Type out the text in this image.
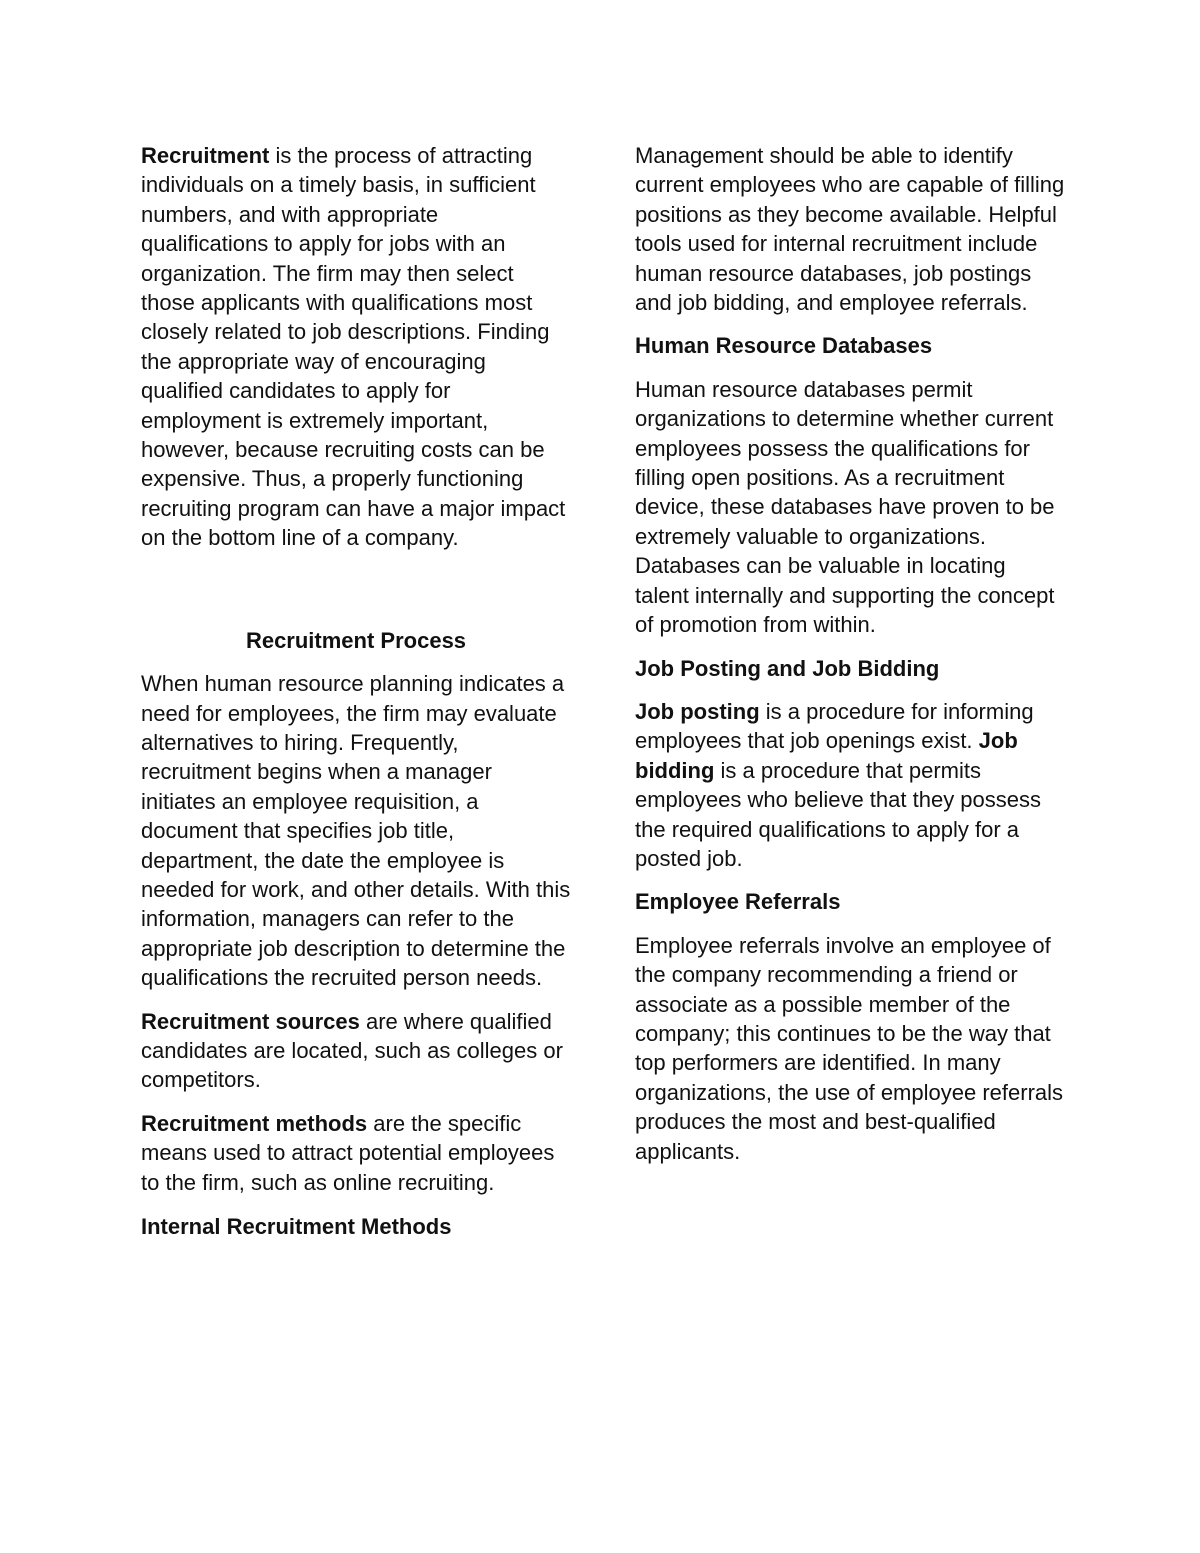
Recruitment is the process of attracting individuals on a timely basis, in sufficient numbers, and with appropriate qualifications to apply for jobs with an organization. The firm may then select those applicants with qualifications most closely related to job descriptions. Finding the appropriate way of encouraging qualified candidates to apply for employment is extremely important, however, because recruiting costs can be expensive. Thus, a properly functioning recruiting program can have a major impact on the bottom line of a company.

Recruitment Process

When human resource planning indicates a need for employees, the firm may evaluate alternatives to hiring. Frequently, recruitment begins when a manager initiates an employee requisition, a document that specifies job title, department, the date the employee is needed for work, and other details. With this information, managers can refer to the appropriate job description to determine the qualifications the recruited person needs.

Recruitment sources are where qualified candidates are located, such as colleges or competitors.

Recruitment methods are the specific means used to attract potential employees to the firm, such as online recruiting.

Internal Recruitment Methods

Management should be able to identify current employees who are capable of filling positions as they become available. Helpful tools used for internal recruitment include human resource databases, job postings and job bidding, and employee referrals.

Human Resource Databases

Human resource databases permit organizations to determine whether current employees possess the qualifications for filling open positions. As a recruitment device, these databases have proven to be extremely valuable to organizations. Databases can be valuable in locating talent internally and supporting the concept of promotion from within.

Job Posting and Job Bidding

Job posting is a procedure for informing employees that job openings exist. Job bidding is a procedure that permits employees who believe that they possess the required qualifications to apply for a posted job.

Employee Referrals

Employee referrals involve an employee of the company recommending a friend or associate as a possible member of the company; this continues to be the way that top performers are identified. In many organizations, the use of employee referrals produces the most and best-qualified applicants.
